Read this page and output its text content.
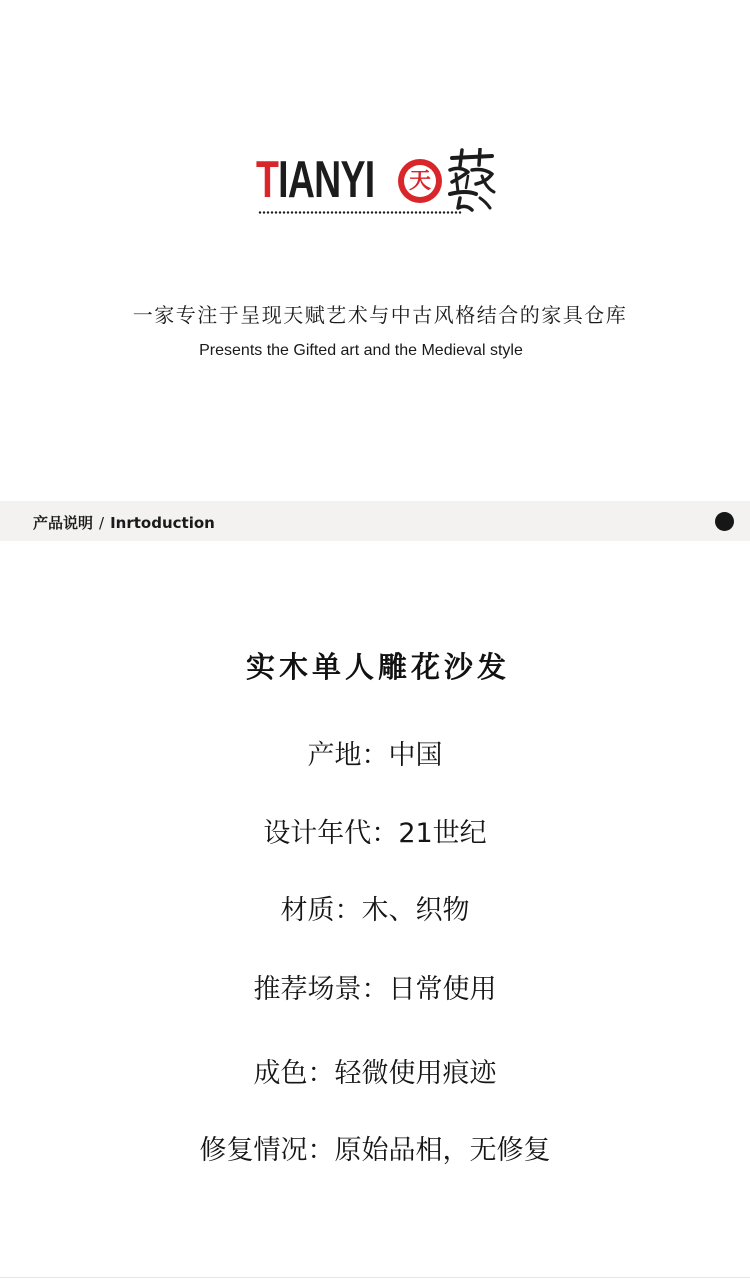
TIANYI 天
一家专注于呈现天赋艺术与中古风格结合的家具仓库
Presents the Gifted art and the Medieval style
产品说明 / Inrtoduction
实木单人雕花沙发
产地 ： 中国
设计年代 ： 21世纪
材质 ： 木、织物
推荐场景 ： 日常使用
成色 ： 轻微使用痕迹
修复情况 ： 原始品相，无修复
